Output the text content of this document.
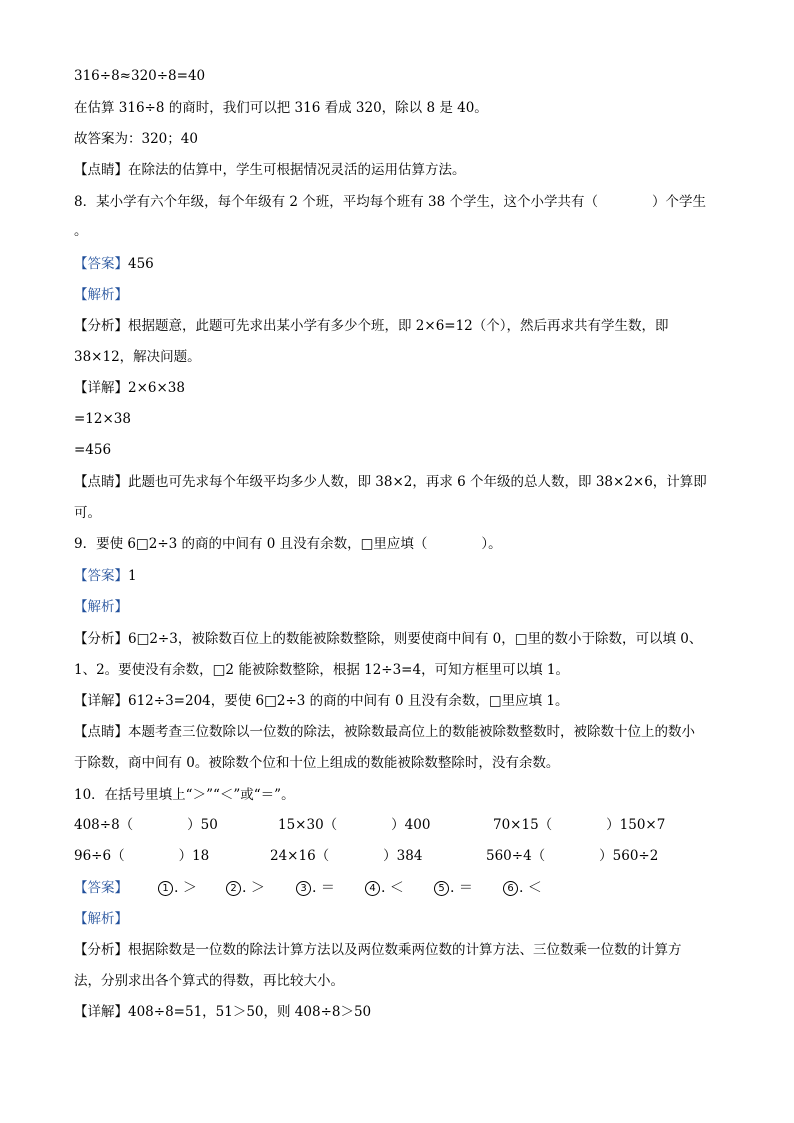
316÷8≈320÷8=40
在估算 316÷8 的商时，我们可以把 316 看成 320，除以 8 是 40。
故答案为：320；40
【点睛】在除法的估算中，学生可根据情况灵活的运用估算方法。
8．某小学有六个年级，每个年级有 2 个班，平均每个班有 38 个学生，这个小学共有（　　　　）个学生
。
【答案】456
【解析】
【分析】根据题意，此题可先求出某小学有多少个班，即 2×6=12（个），然后再求共有学生数，即
38×12，解决问题。
【详解】2×6×38
=12×38
=456
【点睛】此题也可先求每个年级平均多少人数，即 38×2，再求 6 个年级的总人数，即 38×2×6，计算即
可。
9．要使 6□2÷3 的商的中间有 0 且没有余数，□里应填（　　　　）。
【答案】1
【解析】
【分析】6□2÷3，被除数百位上的数能被除数整除，则要使商中间有 0，□里的数小于除数，可以填 0、
1、2。要使没有余数，□2 能被除数整除，根据 12÷3=4，可知方框里可以填 1。
【详解】612÷3=204，要使 6□2÷3 的商的中间有 0 且没有余数，□里应填 1。
【点睛】本题考查三位数除以一位数的除法，被除数最高位上的数能被除数整数时，被除数十位上的数小
于除数，商中间有 0。被除数个位和十位上组成的数能被除数整除时，没有余数。
10．在括号里填上“＞”“＜”或“＝”。
408÷8（　　　　）50	15×30（　　　　）400	70×15（　　　　）150×7
96÷6（　　　　）18	24×16（　　　　）384	560÷4（　　　　）560÷2
【答案】	1 . ＞	2 . ＞	3 . ＝	4 . ＜	5 . ＝	6 . ＜
【解析】
【分析】根据除数是一位数的除法计算方法以及两位数乘两位数的计算方法、三位数乘一位数的计算方
法，分别求出各个算式的得数，再比较大小。
【详解】408÷8=51，51＞50，则 408÷8＞50
